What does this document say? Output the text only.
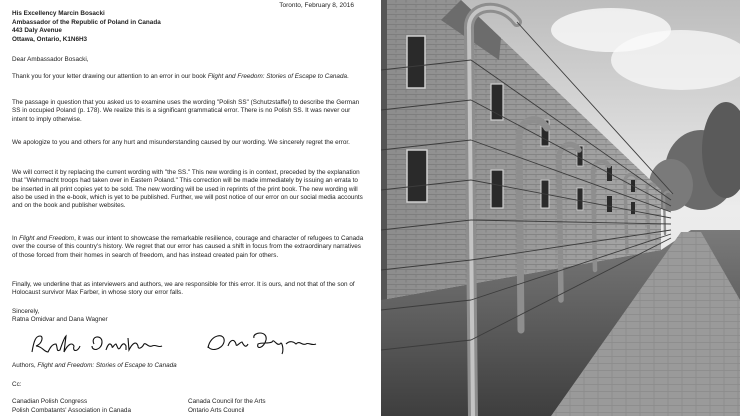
Toronto, February 8, 2016
His Excellency Marcin Bosacki
Ambassador of the Republic of Poland in Canada
443 Daly Avenue
Ottawa, Ontario, K1N6H3
Dear Ambassador Bosacki,
Thank you for your letter drawing our attention to an error in our book Flight and Freedom: Stories of Escape to Canada.
The passage in question that you asked us to examine uses the wording "Polish SS" (Schutzstaffel) to describe the German SS in occupied Poland (p. 178). We realize this is a significant grammatical error. There is no Polish SS. It was never our intent to imply otherwise.
We apologize to you and others for any hurt and misunderstanding caused by our wording. We sincerely regret the error.
We will correct it by replacing the current wording with "the SS." This new wording is in context, preceded by the explanation that "Wehrmacht troops had taken over in Eastern Poland." This correction will be made immediately by issuing an errata to be inserted in all print copies yet to be sold. The new wording will be used in reprints of the print book. The new wording will also be used in the e-book, which is yet to be published. Further, we will post notice of our error on our social media accounts and on the book and publisher websites.
In Flight and Freedom, it was our intent to showcase the remarkable resilience, courage and character of refugees to Canada over the course of this country's history. We regret that our error has caused a shift in focus from the extraordinary narratives of those forced from their homes in search of freedom, and has instead created pain for others.
Finally, we underline that as interviewers and authors, we are responsible for this error. It is ours, and not that of the son of Holocaust survivor Max Farber, in whose story our error falls.
Sincerely,
Ratna Omidvar and Dana Wagner
Authors, Flight and Freedom: Stories of Escape to Canada
Cc:
Canadian Polish Congress
Polish Combatants' Association in Canada
Canada Council for the Arts
Ontario Arts Council
